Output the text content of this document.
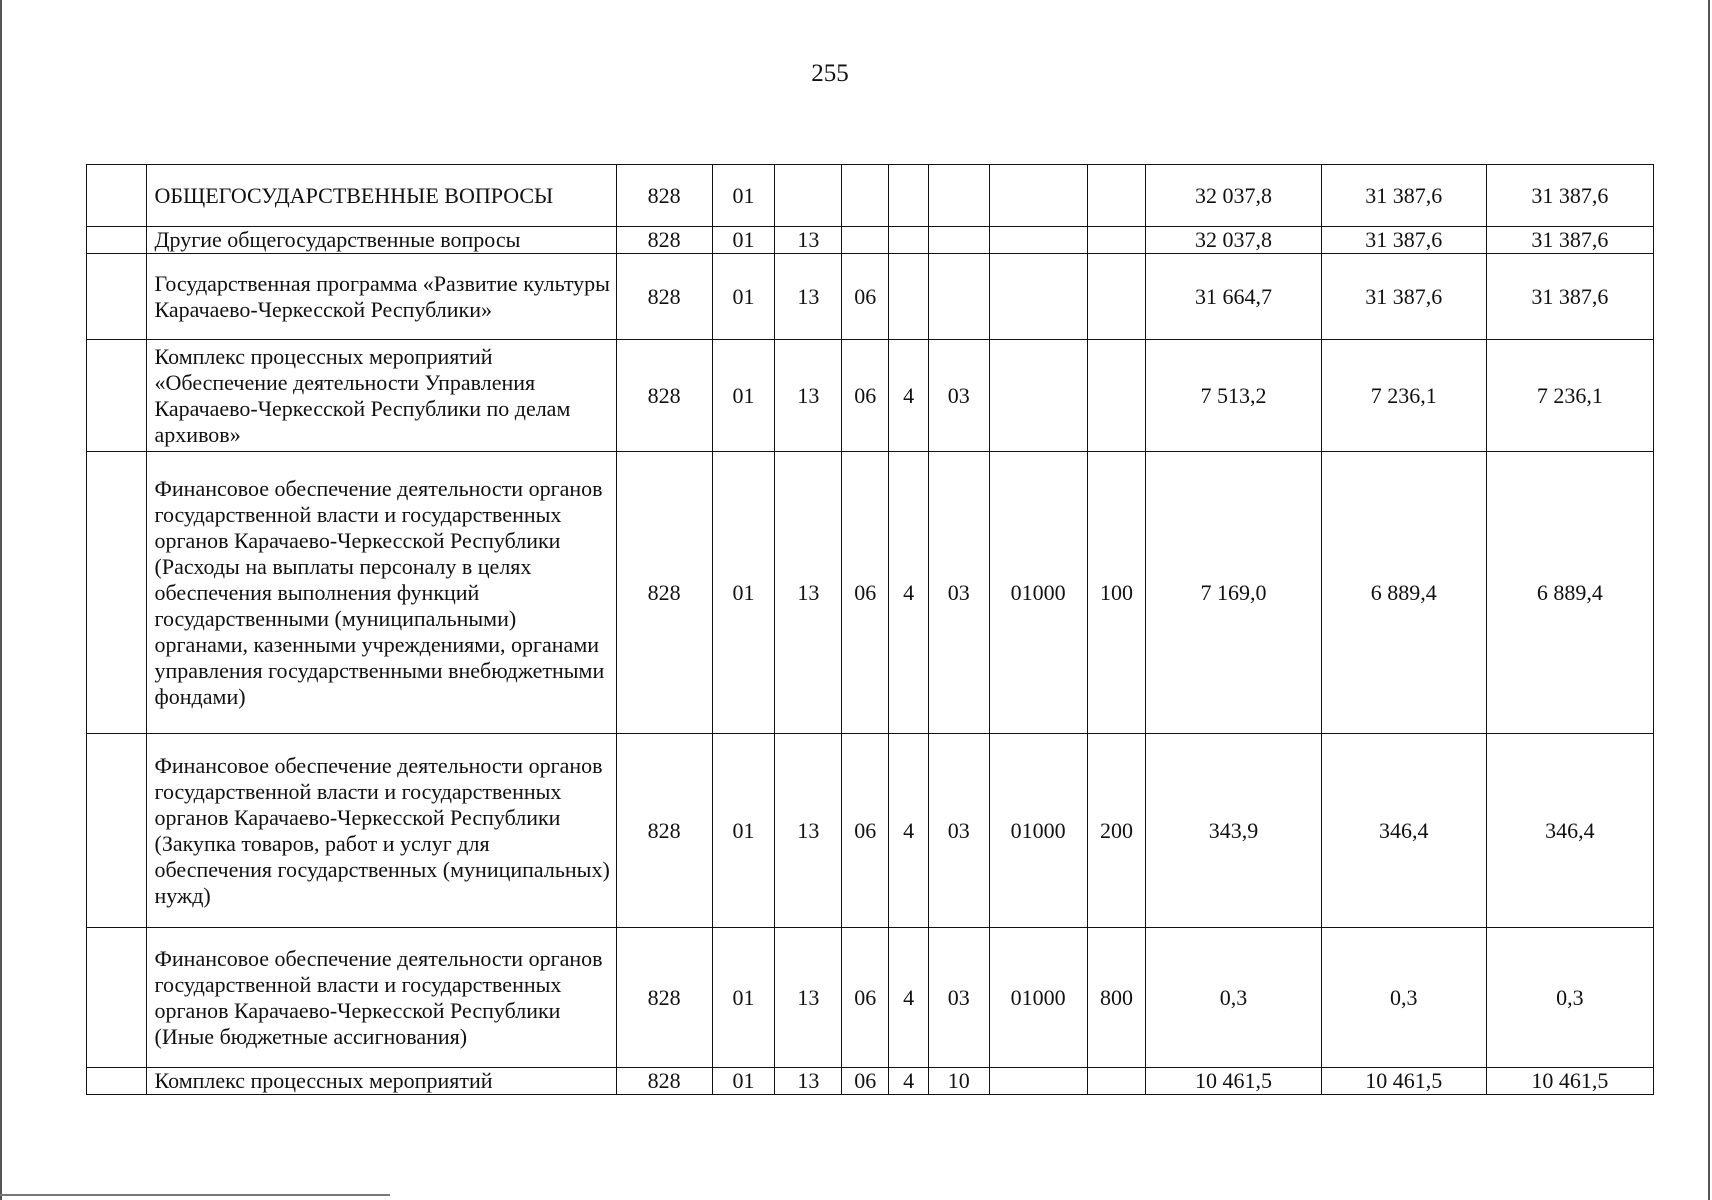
255
	ОБЩЕГОСУДАРСТВЕННЫЕ ВОПРОСЫ	828	01							32 037,8	31 387,6	31 387,6
	Другие общегосударственные вопросы	828	01	13						32 037,8	31 387,6	31 387,6
	Государственная программа «Развитие культуры Карачаево-Черкесской Республики»	828	01	13	06					31 664,7	31 387,6	31 387,6
	Комплекс процессных мероприятий «Обеспечение деятельности Управления Карачаево-Черкесской Республики по делам архивов»	828	01	13	06	4	03			7 513,2	7 236,1	7 236,1
	Финансовое обеспечение деятельности органов государственной власти и государственных органов Карачаево-Черкесской Республики (Расходы на выплаты персоналу в целях обеспечения выполнения функций государственными (муниципальными) органами, казенными учреждениями, органами управления государственными внебюджетными фондами)	828	01	13	06	4	03	01000	100	7 169,0	6 889,4	6 889,4
	Финансовое обеспечение деятельности органов государственной власти и государственных органов Карачаево-Черкесской Республики (Закупка товаров, работ и услуг для обеспечения государственных (муниципальных) нужд)	828	01	13	06	4	03	01000	200	343,9	346,4	346,4
	Финансовое обеспечение деятельности органов государственной власти и государственных органов Карачаево-Черкесской Республики (Иные бюджетные ассигнования)	828	01	13	06	4	03	01000	800	0,3	0,3	0,3
	Комплекс процессных мероприятий	828	01	13	06	4	10			10 461,5	10 461,5	10 461,5
